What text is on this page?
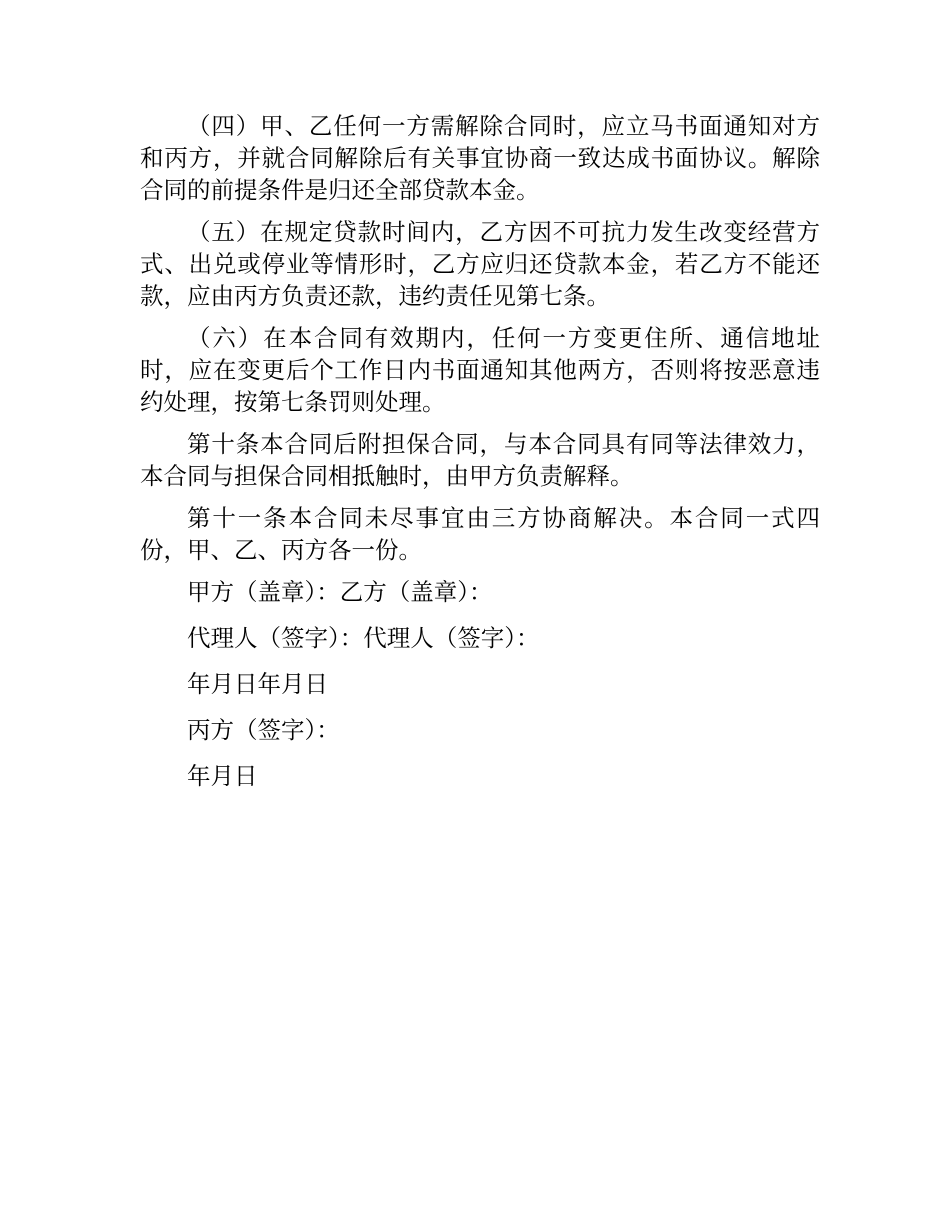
（四）甲、乙任何一方需解除合同时，应立马书面通知对方和丙方，并就合同解除后有关事宜协商一致达成书面协议。解除合同的前提条件是归还全部贷款本金。

（五）在规定贷款时间内，乙方因不可抗力发生改变经营方式、出兑或停业等情形时，乙方应归还贷款本金，若乙方不能还款，应由丙方负责还款，违约责任见第七条。

（六）在本合同有效期内，任何一方变更住所、通信地址时，应在变更后个工作日内书面通知其他两方，否则将按恶意违约处理，按第七条罚则处理。

第十条本合同后附担保合同，与本合同具有同等法律效力，本合同与担保合同相抵触时，由甲方负责解释。

第十一条本合同未尽事宜由三方协商解决。本合同一式四份，甲、乙、丙方各一份。

甲方（盖章）：乙方（盖章）：

代理人（签字）：代理人（签字）：

年月日年月日

丙方（签字）：

年月日
